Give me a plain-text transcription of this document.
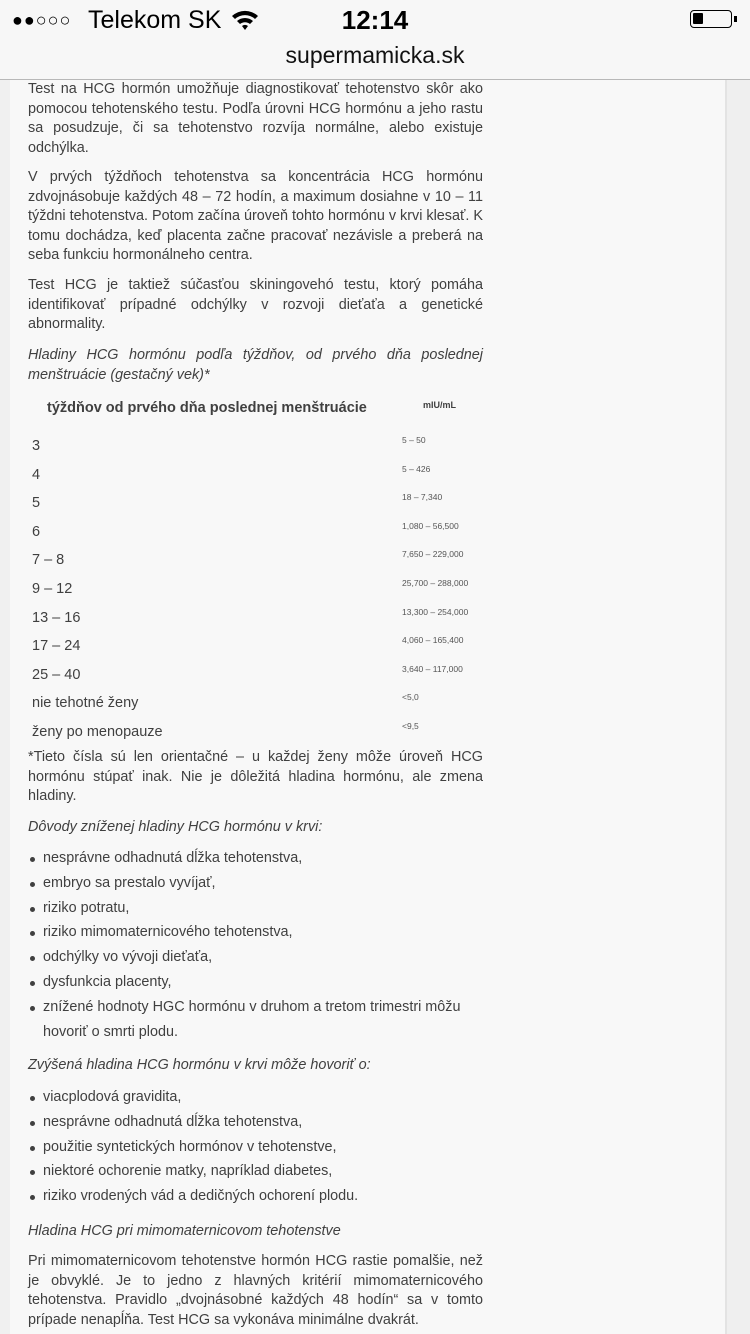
●●○○○ Telekom SK	12:14
supermamicka.sk

Test na HCG hormón umožňuje diagnostikovať tehotenstvo skôr ako pomocou tehotenského testu. Podľa úrovni HCG hormónu a jeho rastu sa posudzuje, či sa tehotenstvo rozvíja normálne, alebo existuje odchýlka.

V prvých týždňoch tehotenstva sa koncentrácia HCG hormónu zdvojnásobuje každých 48 – 72 hodín, a maximum dosiahne v 10 – 11 týždni tehotenstva. Potom začína úroveň tohto hormónu v krvi klesať. K tomu dochádza, keď placenta začne pracovať nezávisle a preberá na seba funkciu hormonálneho centra.

Test HCG je taktiež súčasťou skiningovehó testu, ktorý pomáha identifikovať prípadné odchýlky v rozvoji dieťaťa a genetické abnormality.

Hladiny HCG hormónu podľa týždňov, od prvého dňa poslednej menštruácie (gestačný vek)*

týždňov od prvého dňa poslednej menštruácie	mIU/mL
3	5 – 50
4	5 – 426
5	18 – 7,340
6	1,080 – 56,500
7 – 8	7,650 – 229,000
9 – 12	25,700 – 288,000
13 – 16	13,300 – 254,000
17 – 24	4,060 – 165,400
25 – 40	3,640 – 117,000
nie tehotné ženy	<5,0
ženy po menopauze	<9,5

*Tieto čísla sú len orientačné – u každej ženy môže úroveň HCG hormónu stúpať inak. Nie je dôležitá hladina hormónu, ale zmena hladiny.

Dôvody zníženej hladiny HCG hormónu v krvi:

nesprávne odhadnutá dĺžka tehotenstva,
embryo sa prestalo vyvíjať,
riziko potratu,
riziko mimomaternicového tehotenstva,
odchýlky vo vývoji dieťaťa,
dysfunkcia placenty,
znížené hodnoty HGC hormónu v druhom a tretom trimestri môžu hovoriť o smrti plodu.

Zvýšená hladina HCG hormónu v krvi môže hovoriť o:

viacplodová gravidita,
nesprávne odhadnutá dĺžka tehotenstva,
použitie syntetických hormónov v tehotenstve,
niektoré ochorenie matky, napríklad diabetes,
riziko vrodených vád a dedičných ochorení plodu.

Hladina HCG pri mimomaternicovom tehotenstve

Pri mimomaternicovom tehotenstve hormón HCG rastie pomalšie, než je obvyklé. Je to jedno z hlavných kritérií mimomaternicového tehotenstva. Pravidlo „dvojnásobné každých 48 hodín“ sa v tomto prípade nenapĺňa. Test HCG sa vykonáva minimálne dvakrát.
